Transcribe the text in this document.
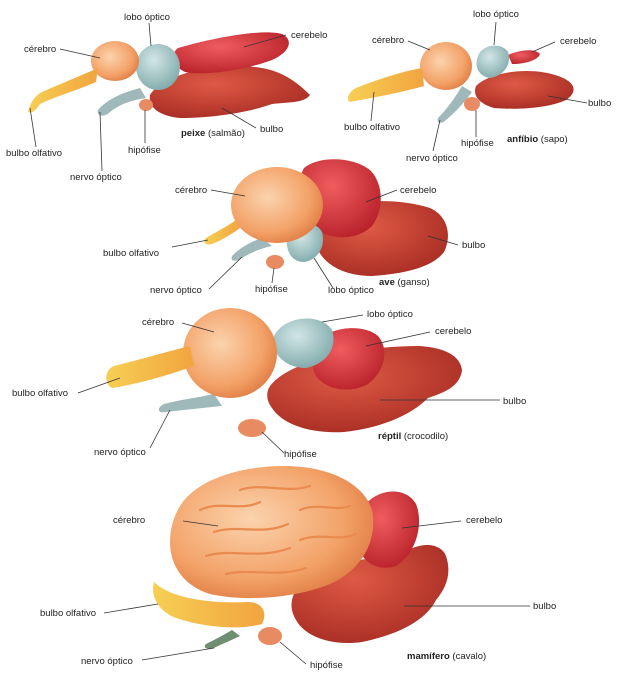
lobo óptico
cerebelo
cérebro
bulbo
bulbo olfativo	hipófise
nervo óptico
peixe (salmão)
lobo óptico
cérebro	cerebelo
bulbo
bulbo olfativo
hipófise
nervo óptico
anfíbio (sapo)
cérebro	cerebelo
bulbo olfativo
bulbo
ave (ganso)
hipófise
nervo óptico	lobo óptico
lobo óptico
cérebro
cerebelo
bulbo olfativo
bulbo
réptil (crocodilo)
nervo óptico	hipófise
cérebro	cerebelo
bulbo
bulbo olfativo
mamífero (cavalo)
nervo óptico	hipófise
